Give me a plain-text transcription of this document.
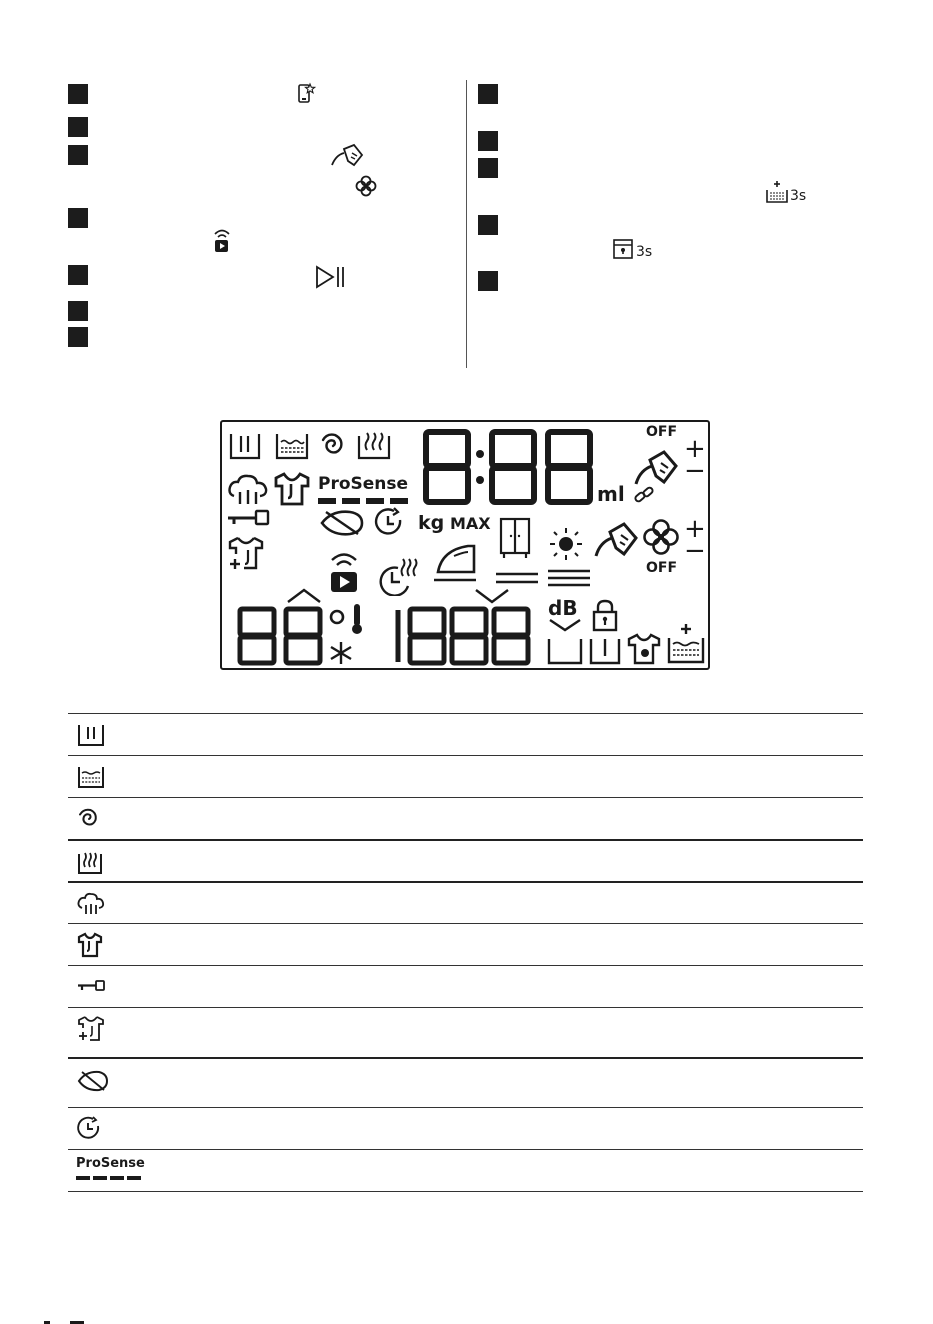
3s
3s
ml
OFF
+
−
ProSense
kg MAX	+
−
OFF
dB
ProSense
